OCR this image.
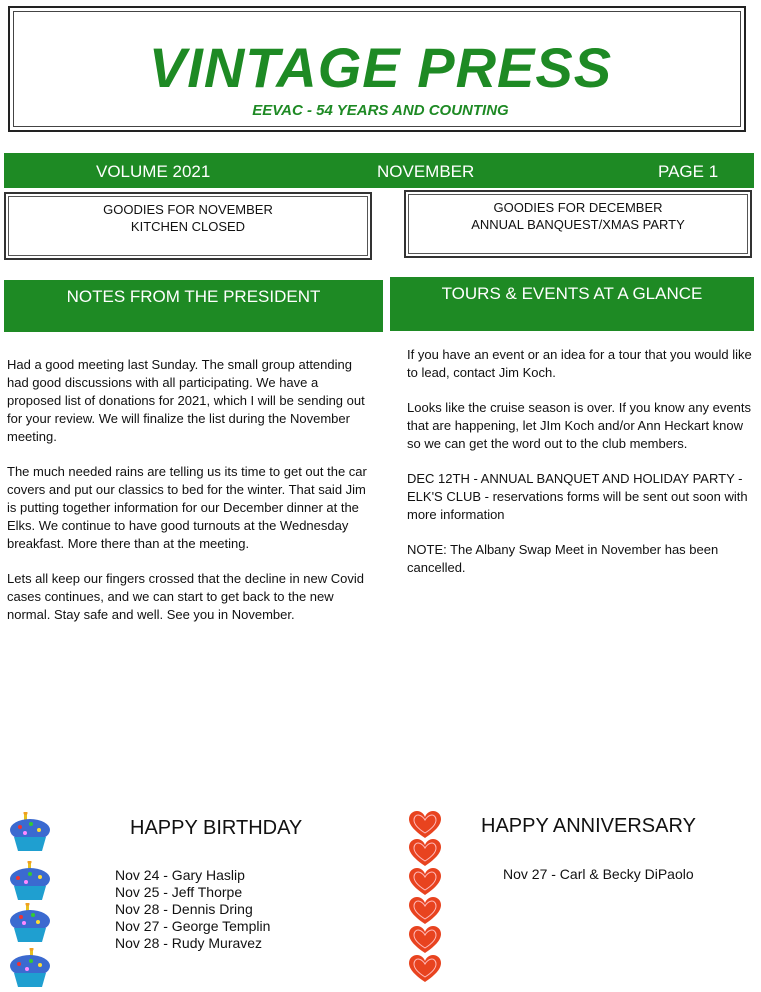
VINTAGE PRESS
EEVAC - 54 YEARS AND COUNTING
VOLUME 2021	NOVEMBER	PAGE 1
GOODIES FOR NOVEMBER
KITCHEN CLOSED
GOODIES FOR DECEMBER
ANNUAL BANQUEST/XMAS PARTY
NOTES FROM THE PRESIDENT	TOURS & EVENTS AT A GLANCE

Had a good meeting last Sunday. The small group attending had good discussions with all participating. We have a proposed list of donations for 2021, which I will be sending out for your review. We will finalize the list during the November meeting.

The much needed rains are telling us its time to get out the car covers and put our classics to bed for the winter. That said Jim is putting together information for our December dinner at the Elks. We continue to have good turnouts at the Wednesday breakfast. More there than at the meeting.

Lets all keep our fingers crossed that the decline in new Covid cases continues, and we can start to get back to the new normal. Stay safe and well. See you in November.

If you have an event or an idea for a tour that you would like to lead, contact Jim Koch.

Looks like the cruise season is over. If you know any events that are happening, let JIm Koch and/or Ann Heckart know so we can get the word out to the club members.

DEC 12TH - ANNUAL BANQUET AND HOLIDAY PARTY - ELK'S CLUB - reservations forms will be sent out soon with more information

NOTE: The Albany Swap Meet in November has been cancelled.

HAPPY BIRTHDAY
Nov 24 - Gary Haslip
Nov 25 - Jeff Thorpe
Nov 28 - Dennis Dring
Nov 27 - George Templin
Nov 28 - Rudy Muravez
HAPPY ANNIVERSARY
Nov 27 - Carl & Becky DiPaolo
